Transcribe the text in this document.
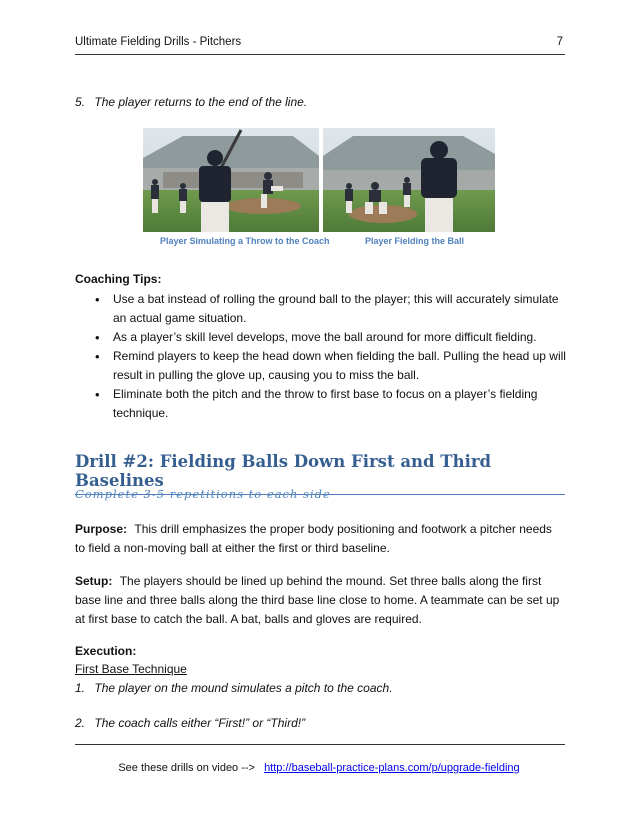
Ultimate Fielding Drills - Pitchers	7
5. The player returns to the end of the line.
Player Simulating a Throw to the Coach	Player Fielding the Ball
Coaching Tips:
• Use a bat instead of rolling the ground ball to the player; this will accurately simulate an actual game situation.
• As a player’s skill level develops, move the ball around for more difficult fielding.
• Remind players to keep the head down when fielding the ball. Pulling the head up will result in pulling the glove up, causing you to miss the ball.
• Eliminate both the pitch and the throw to first base to focus on a player’s fielding technique.
Drill #2: Fielding Balls Down First and Third Baselines
Complete 3-5 repetitions to each side
Purpose: This drill emphasizes the proper body positioning and footwork a pitcher needs to field a non-moving ball at either the first or third baseline.
Setup: The players should be lined up behind the mound. Set three balls along the first base line and three balls along the third base line close to home. A teammate can be set up at first base to catch the ball. A bat, balls and gloves are required.
Execution:
First Base Technique
1. The player on the mound simulates a pitch to the coach.
2. The coach calls either “First!” or “Third!”
See these drills on video --> http://baseball-practice-plans.com/p/upgrade-fielding
